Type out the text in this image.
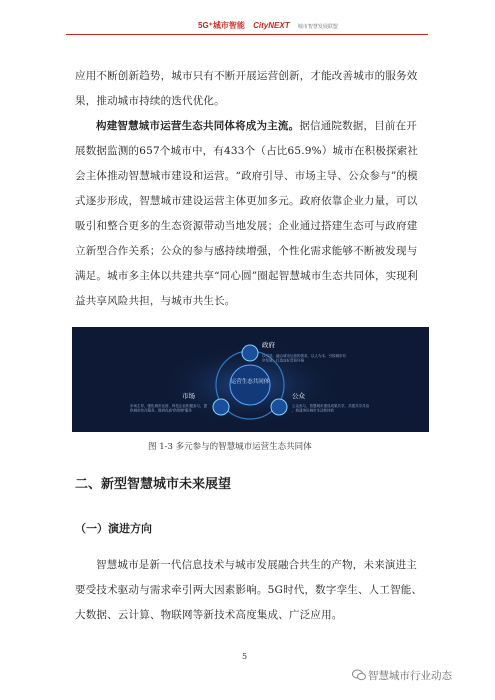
5G⁺城市智能 CityNEXT 城市智慧发展联盟
应用不断创新趋势，城市只有不断开展运营创新，才能改善城市的服务效果，推动城市持续的迭代优化。
构建智慧城市运营生态共同体将成为主流。据信通院数据，目前在开展数据监测的657个城市中，有433个（占比65.9%）城市在积极探索社会主体推动智慧城市建设和运营。“政府引导、市场主导、公众参与”的模式逐步形成，智慧城市建设运营主体更加多元。政府依靠企业力量，可以吸引和整合更多的生态资源带动当地发展；企业通过搭建生态可与政府建立新型合作关系；公众的参与感持续增强，个性化需求能够不断被发现与满足。城市多主体以共建共享“同心圆”圈起智慧城市生态共同体，实现利益共享风险共担，与城市共生长。
运营生态共同体
政府
市场	公众
以引导、融合城市运营的需求，以人为本、引领城市有序发展，打造良好营商环境
市场主导，强化城市运营、科技企业积极参与，提供城市综合服务，提供优质“供给侧”服务
公众参与，智慧城市建设成果共享，共建共享共治，构建美好城市生活新体验
图 1-3 多元参与的智慧城市运营生态共同体
二、新型智慧城市未来展望
（一）演进方向
智慧城市是新一代信息技术与城市发展融合共生的产物，未来演进主要受技术驱动与需求牵引两大因素影响。5G时代，数字孪生、人工智能、大数据、云计算、物联网等新技术高度集成、广泛应用。
5
智慧城市行业动态
